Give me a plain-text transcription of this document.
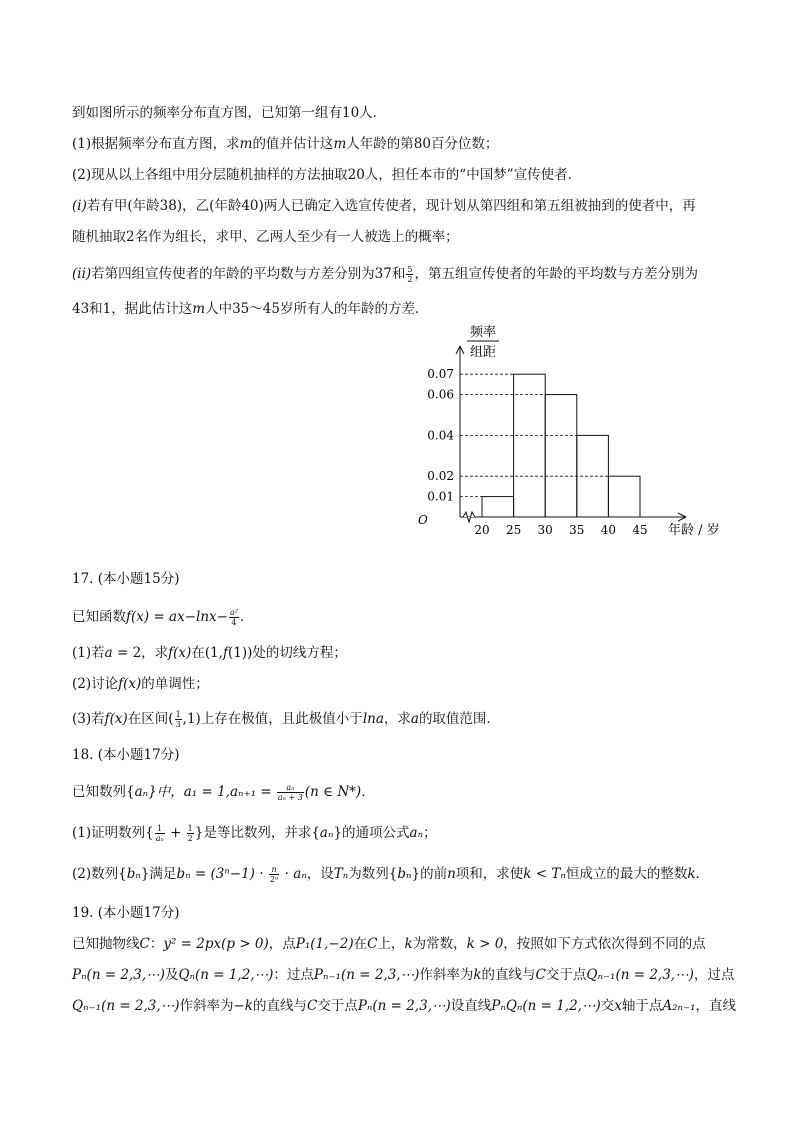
到如图所示的频率分布直方图，已知第一组有10人．
(1)根据频率分布直方图，求m的值并估计这m人年龄的第80百分位数；
(2)现从以上各组中用分层随机抽样的方法抽取20人，担任本市的“中国梦”宣传使者．
(i)若有甲(年龄38)，乙(年龄40)两人已确定入选宣传使者，现计划从第四组和第五组被抽到的使者中，再
随机抽取2名作为组长，求甲、乙两人至少有一人被选上的概率；
(ii)若第四组宣传使者的年龄的平均数与方差分别为37和 $\frac{5}{2}$ ，第五组宣传使者的年龄的平均数与方差分别为
43和1，据此估计这m人中35～45岁所有人的年龄的方差．
频率
组距
0.01
0.02
0.04
0.06
0.07
20 25 30 35 40 45
O
年龄 / 岁
17. (本小题15分)
已知函数$f(x) = ax-\ln x- \frac{\text{a²}}{4}$ ．
(1)若a = 2，求f(x)在(1,f(1))处的切线方程；
(2)讨论f(x)的单调性；
(3)若f(x)在区间( $\frac{1}{3} ,1$)上存在极值，且此极值小于lna，求a的取值范围．
18. (本小题17分)
已知数列{aₙ}中，$a_1 = 1,a_{n+1} = \frac{\text{aₙ}}{\text{aₙ + 3}} (n$ ∈ N*)．
(1)证明数列{ $\frac{1}{\text{aₙ}} + \frac{1}{2}$ }是等比数列，并求{aₙ}的通项公式aₙ；
(2)数列{bₙ}满足$b_n = (3^n-1) \cdot \frac{n}{\text{2ⁿ}} \cdot a_n$，设Tₙ为数列{bₙ}的前n项和，求使k < Tₙ恒成立的最大的整数k．
19. (本小题17分)
已知抛物线C：y² = 2px(p > 0)，点P₁(1,−2)在C上，k为常数，k > 0，按照如下方式依次得到不同的点
Pₙ(n = 2,3,⋯)及Qₙ(n = 1,2,⋯)：过点Pₙ₋₁(n = 2,3,⋯)作斜率为k的直线与C交于点Qₙ₋₁(n = 2,3,⋯)，过点
Qₙ₋₁(n = 2,3,⋯)作斜率为−k的直线与C交于点Pₙ(n = 2,3,⋯)设直线PₙQₙ(n = 1,2,⋯)交x轴于点A₂ₙ₋₁，直线
